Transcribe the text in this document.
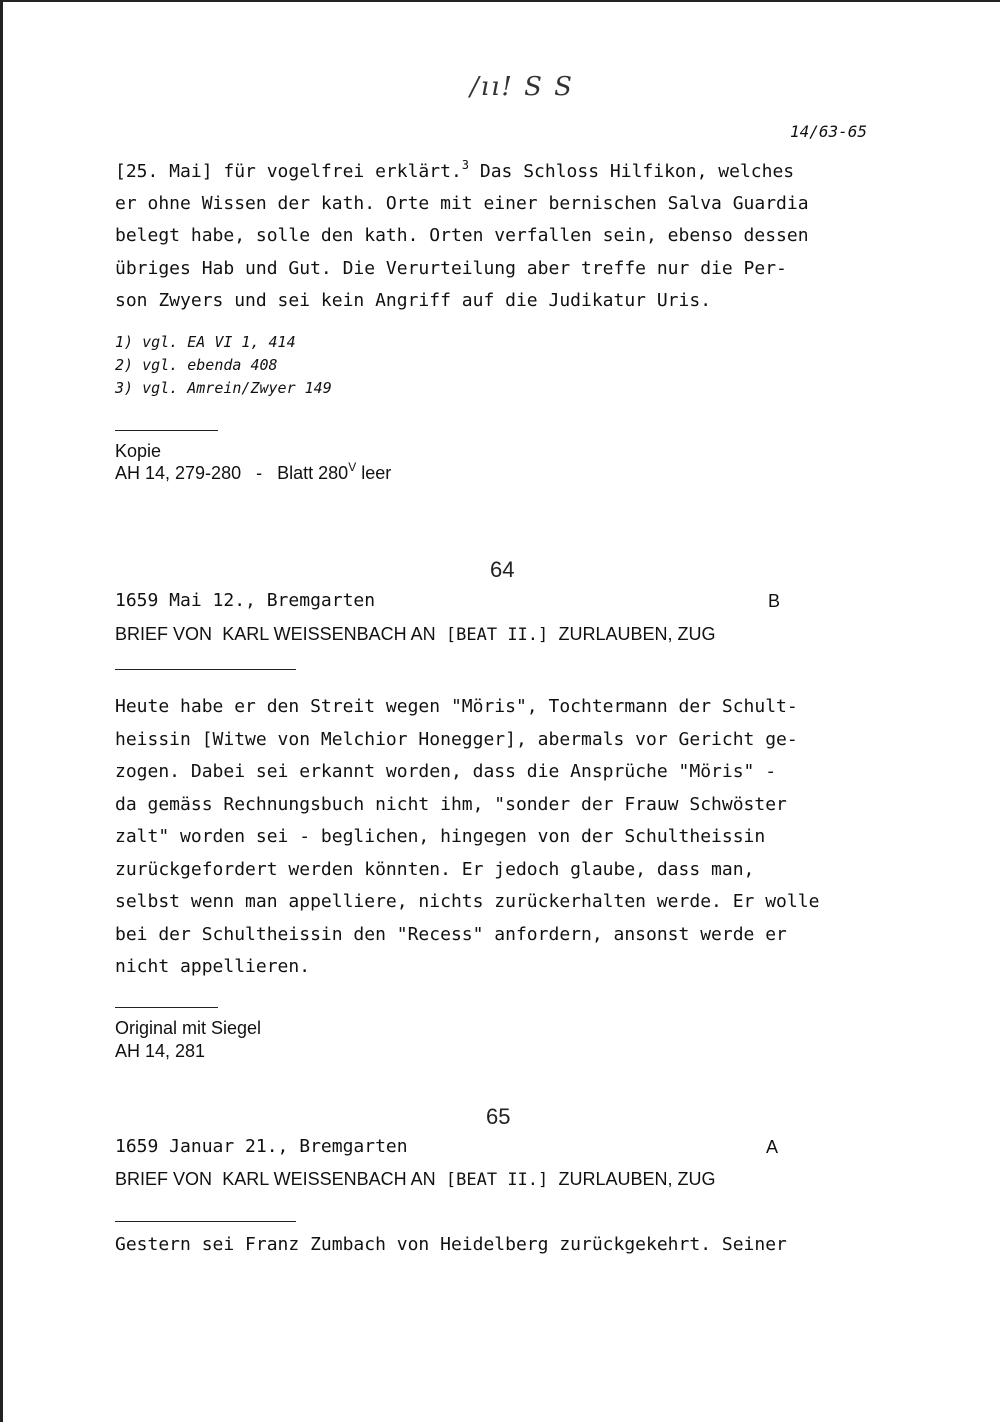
/ıı! S S
14/63-65
[25. Mai] für vogelfrei erklärt.$^3$ Das Schloss Hilfikon, welches
er ohne Wissen der kath. Orte mit einer bernischen Salva Guardia
belegt habe, solle den kath. Orten verfallen sein, ebenso dessen
übriges Hab und Gut. Die Verurteilung aber treffe nur die Per-
son Zwyers und sei kein Angriff auf die Judikatur Uris.
1) vgl. EA VI 1, 414
2) vgl. ebenda 408
3) vgl. Amrein/Zwyer 149
Kopie
AH 14, 279-280 - Blatt $280^V$ leer
64
1659 Mai 12., Bremgarten	B
BRIEF VON KARL WEISSENBACH AN [BEAT II.] ZURLAUBEN, ZUG
Heute habe er den Streit wegen "Möris", Tochtermann der Schult-
heissin [Witwe von Melchior Honegger], abermals vor Gericht ge-
zogen. Dabei sei erkannt worden, dass die Ansprüche "Möris" -
da gemäss Rechnungsbuch nicht ihm, "sonder der Frauw Schwöster
zalt" worden sei - beglichen, hingegen von der Schultheissin
zurückgefordert werden könnten. Er jedoch glaube, dass man,
selbst wenn man appelliere, nichts zurückerhalten werde. Er wolle
bei der Schultheissin den "Recess" anfordern, ansonst werde er
nicht appellieren.
Original mit Siegel
AH 14, 281
65
1659 Januar 21., Bremgarten	A
BRIEF VON KARL WEISSENBACH AN [BEAT II.] ZURLAUBEN, ZUG
Gestern sei Franz Zumbach von Heidelberg zurückgekehrt. Seiner
